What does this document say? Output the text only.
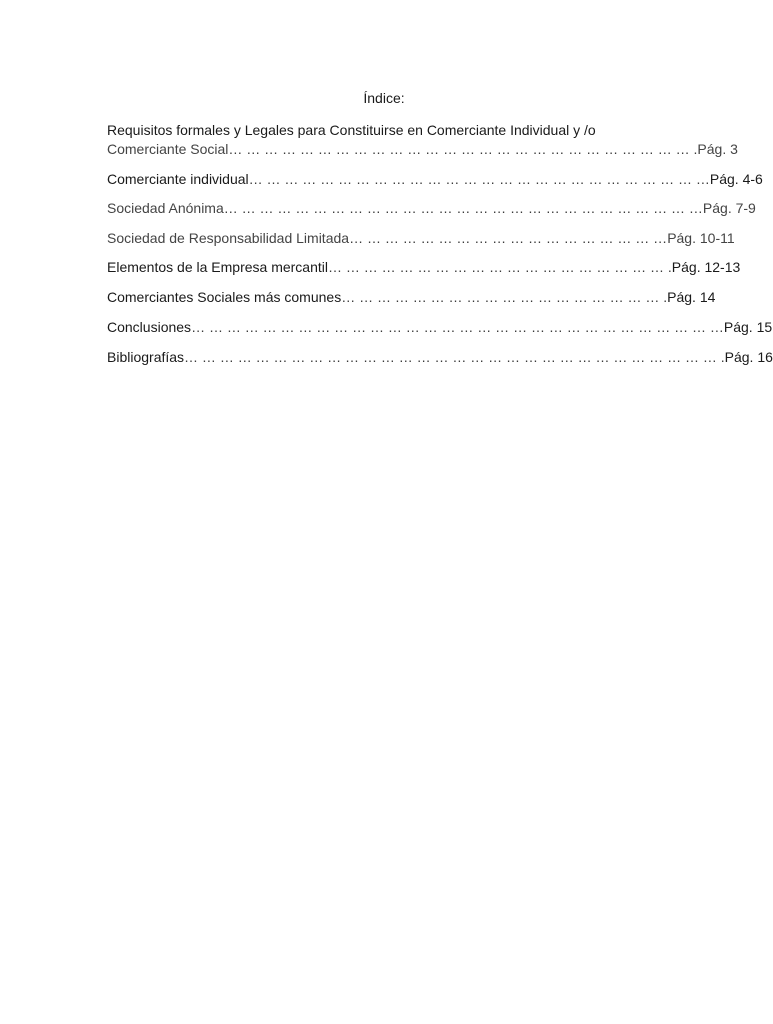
Índice:
Requisitos formales y Legales para Constituirse en Comerciante Individual y /o
Comerciante Social… … … … … … … … … … … … … … … … … … … … … … … … … … .Pág. 3
Comerciante individual… … … … … … … … … … … … … … … … … … … … … … … … … …Pág. 4-6
Sociedad Anónima… … … … … … … … … … … … … … … … … … … … … … … … … … …Pág. 7-9
Sociedad de Responsabilidad Limitada… … … … … … … … … … … … … … … … … …Pág. 10-11
Elementos de la Empresa mercantil… … … … … … … … … … … … … … … … … … … .Pág. 12-13
Comerciantes Sociales más comunes… … … … … … … … … … … … … … … … … … .Pág. 14
Conclusiones… … … … … … … … … … … … … … … … … … … … … … … … … … … … … …Pág. 15
Bibliografías… … … … … … … … … … … … … … … … … … … … … … … … … … … … … … .Pág. 16
